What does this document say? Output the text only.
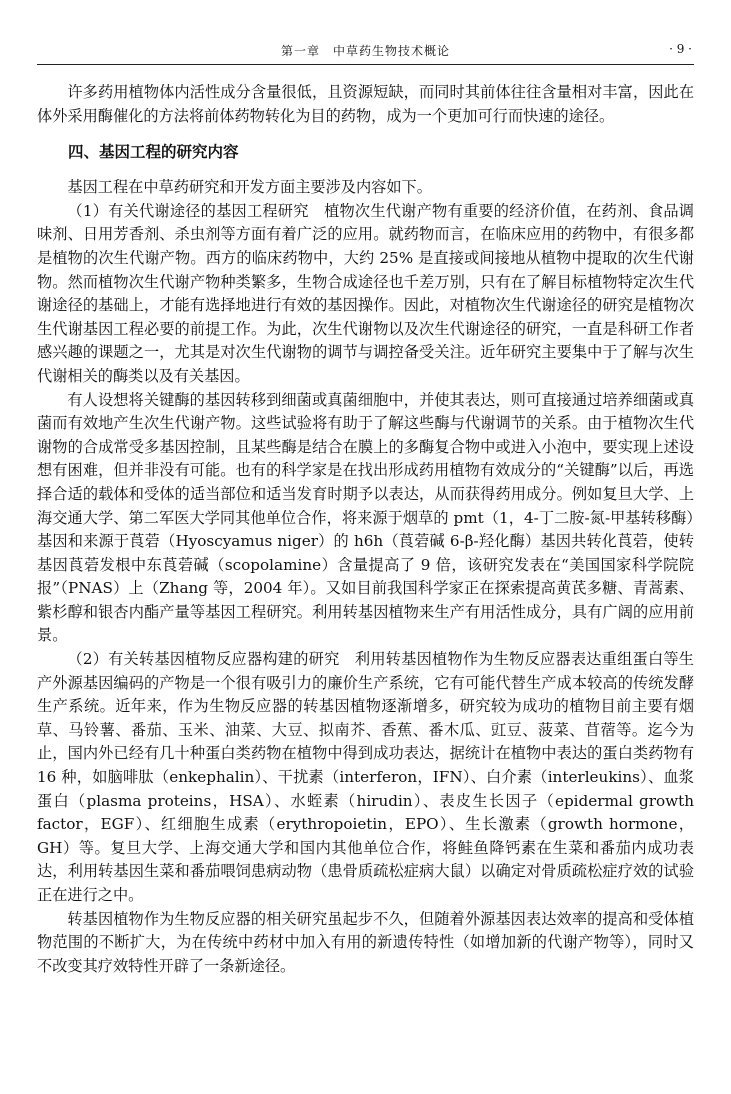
第一章　中草药生物技术概论	· 9 ·

许多药用植物体内活性成分含量很低，且资源短缺，而同时其前体往往含量相对丰富，因此在体外采用酶催化的方法将前体药物转化为目的药物，成为一个更加可行而快速的途径。

四、基因工程的研究内容

基因工程在中草药研究和开发方面主要涉及内容如下。

（1）有关代谢途径的基因工程研究　植物次生代谢产物有重要的经济价值，在药剂、食品调味剂、日用芳香剂、杀虫剂等方面有着广泛的应用。就药物而言，在临床应用的药物中，有很多都是植物的次生代谢产物。西方的临床药物中，大约 25% 是直接或间接地从植物中提取的次生代谢物。然而植物次生代谢产物种类繁多，生物合成途径也千差万别，只有在了解目标植物特定次生代谢途径的基础上，才能有选择地进行有效的基因操作。因此，对植物次生代谢途径的研究是植物次生代谢基因工程必要的前提工作。为此，次生代谢物以及次生代谢途径的研究，一直是科研工作者感兴趣的课题之一，尤其是对次生代谢物的调节与调控备受关注。近年研究主要集中于了解与次生代谢相关的酶类以及有关基因。

有人设想将关键酶的基因转移到细菌或真菌细胞中，并使其表达，则可直接通过培养细菌或真菌而有效地产生次生代谢产物。这些试验将有助于了解这些酶与代谢调节的关系。由于植物次生代谢物的合成常受多基因控制，且某些酶是结合在膜上的多酶复合物中或进入小泡中，要实现上述设想有困难，但并非没有可能。也有的科学家是在找出形成药用植物有效成分的“关键酶”以后，再选择合适的载体和受体的适当部位和适当发育时期予以表达，从而获得药用成分。例如复旦大学、上海交通大学、第二军医大学同其他单位合作，将来源于烟草的 pmt（1，4-丁二胺-氮-甲基转移酶）基因和来源于莨菪（Hyoscyamus niger）的 h6h（莨菪碱 6-β-羟化酶）基因共转化莨菪，使转基因莨菪发根中东莨菪碱（scopolamine）含量提高了 9 倍，该研究发表在“美国国家科学院院报”（PNAS）上（Zhang 等，2004 年）。又如目前我国科学家正在探索提高黄芪多糖、青蒿素、紫杉醇和银杏内酯产量等基因工程研究。利用转基因植物来生产有用活性成分，具有广阔的应用前景。

（2）有关转基因植物反应器构建的研究　利用转基因植物作为生物反应器表达重组蛋白等生产外源基因编码的产物是一个很有吸引力的廉价生产系统，它有可能代替生产成本较高的传统发酵生产系统。近年来，作为生物反应器的转基因植物逐渐增多，研究较为成功的植物目前主要有烟草、马铃薯、番茄、玉米、油菜、大豆、拟南芥、香蕉、番木瓜、豇豆、菠菜、苜蓿等。迄今为止，国内外已经有几十种蛋白类药物在植物中得到成功表达，据统计在植物中表达的蛋白类药物有 16 种，如脑啡肽（enkephalin）、干扰素（interferon，IFN）、白介素（interleukins）、血浆蛋白（plasma proteins，HSA）、水蛭素（hirudin）、表皮生长因子（epidermal growth factor，EGF）、红细胞生成素（erythropoietin，EPO）、生长激素（growth hormone，GH）等。复旦大学、上海交通大学和国内其他单位合作，将鲑鱼降钙素在生菜和番茄内成功表达，利用转基因生菜和番茄喂饲患病动物（患骨质疏松症病大鼠）以确定对骨质疏松症疗效的试验正在进行之中。

转基因植物作为生物反应器的相关研究虽起步不久，但随着外源基因表达效率的提高和受体植物范围的不断扩大，为在传统中药材中加入有用的新遗传特性（如增加新的代谢产物等），同时又不改变其疗效特性开辟了一条新途径。
